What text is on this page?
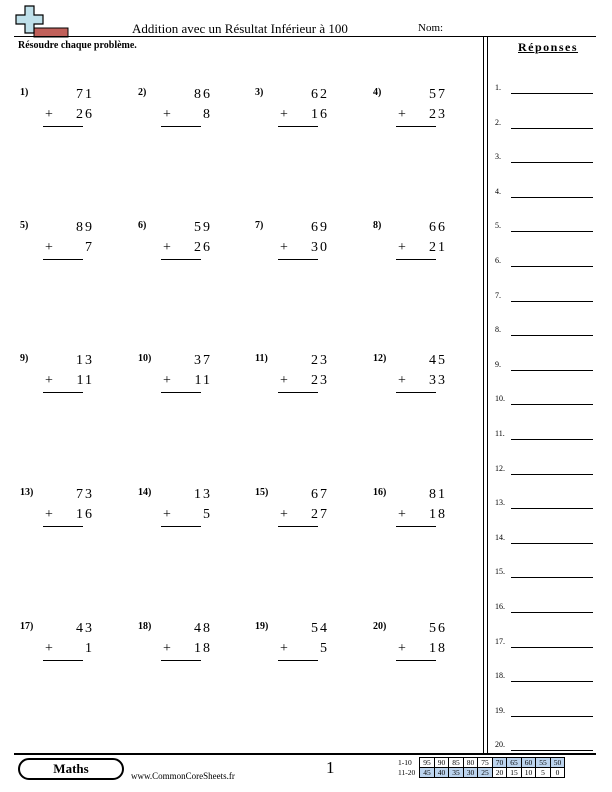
Addition avec un Résultat Inférieur à 100	Nom:
Résoudre chaque problème.
1)	71
+ 26
2)	86
+ 8
3)	62
+ 16
4)	57
+ 23
5)	89
+ 7
6)	59
+ 26
7)	69
+ 30
8)	66
+ 21
9)	13
+ 11
10)	37
+ 11
11)	23
+ 23
12)	45
+ 33
13)	73
+ 16
14)	13
+ 5
15)	67
+ 27
16)	81
+ 18
17)	43
+ 1
18)	48
+ 18
19)	54
+ 5
20)	56
+ 18
Réponses
1.
2.
3.
4.
5.
6.
7.
8.
9.
10.
11.
12.
13.
14.
15.
16.
17.
18.
19.
20.
Maths	www.CommonCoreSheets.fr	1	1-10	95	90	85	80	75	70	65	60	55	50
11-20	45	40	35	30	25	20	15	10	5	0
